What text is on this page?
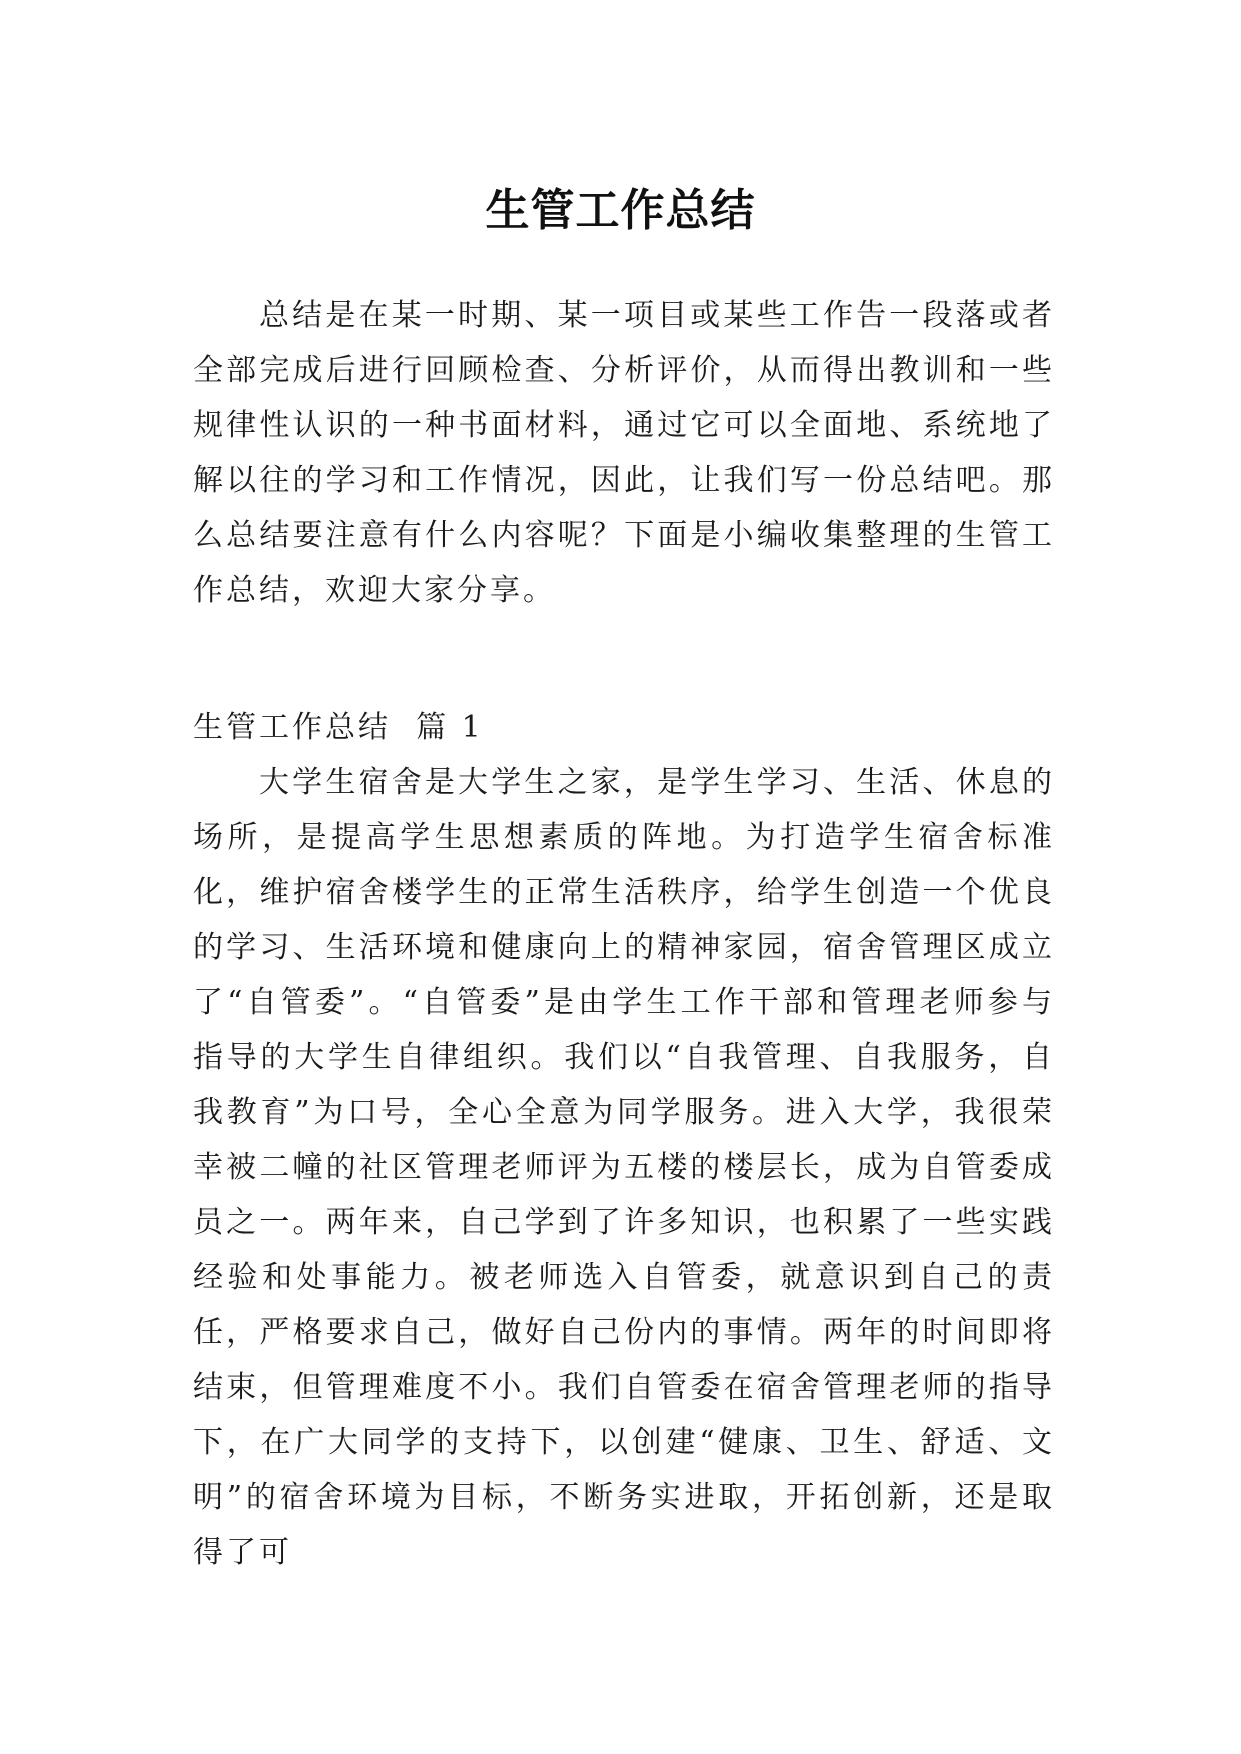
生管工作总结

总结是在某一时期、某一项目或某些工作告一段落或者全部完成后进行回顾检查、分析评价，从而得出教训和一些规律性认识的一种书面材料，通过它可以全面地、系统地了解以往的学习和工作情况，因此，让我们写一份总结吧。那么总结要注意有什么内容呢？下面是小编收集整理的生管工作总结，欢迎大家分享。

生管工作总结 篇 1

大学生宿舍是大学生之家，是学生学习、生活、休息的场所，是提高学生思想素质的阵地。为打造学生宿舍标准化，维护宿舍楼学生的正常生活秩序，给学生创造一个优良的学习、生活环境和健康向上的精神家园，宿舍管理区成立了“自管委”。“自管委”是由学生工作干部和管理老师参与指导的大学生自律组织。我们以“自我管理、自我服务，自我教育”为口号，全心全意为同学服务。进入大学，我很荣幸被二幢的社区管理老师评为五楼的楼层长，成为自管委成员之一。两年来，自己学到了许多知识，也积累了一些实践经验和处事能力。被老师选入自管委，就意识到自己的责任，严格要求自己，做好自己份内的事情。两年的时间即将结束，但管理难度不小。我们自管委在宿舍管理老师的指导下，在广大同学的支持下，以创建“健康、卫生、舒适、文明”的宿舍环境为目标，不断务实进取，开拓创新，还是取得了可
